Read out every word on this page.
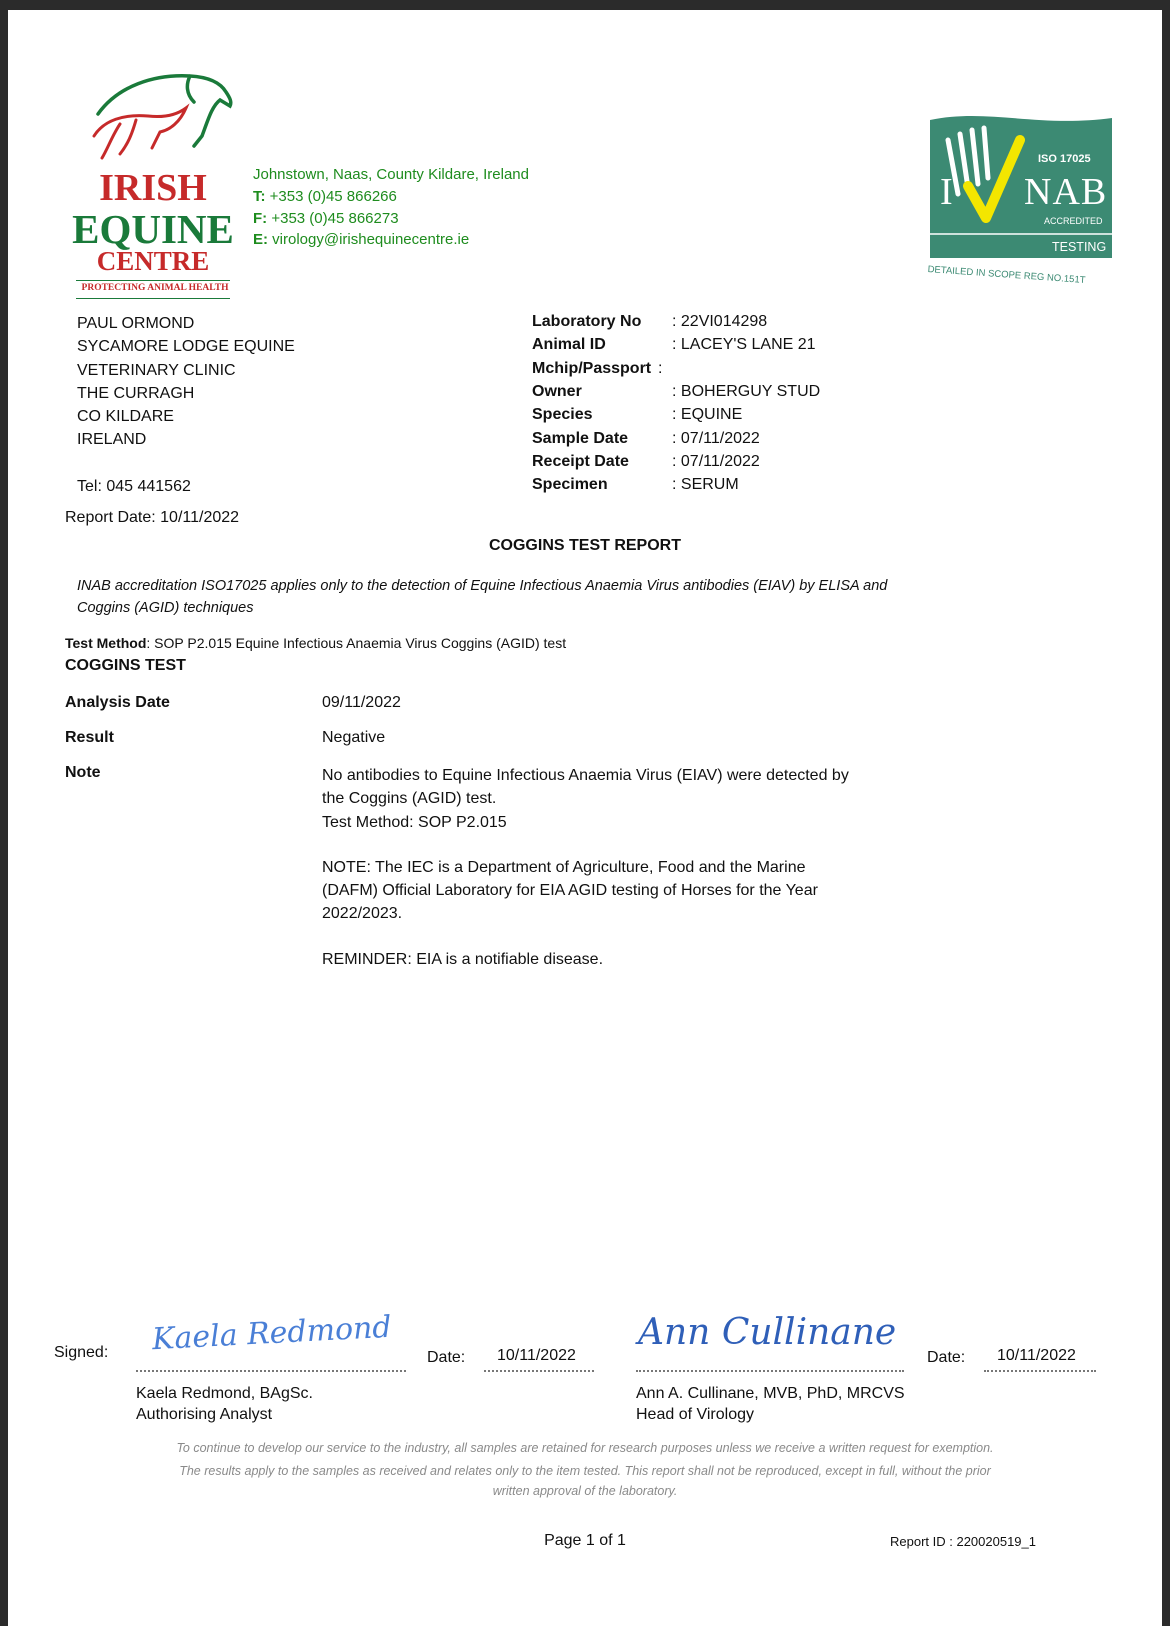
IRISH
EQUINE
CENTRE
PROTECTING ANIMAL HEALTH
Johnstown, Naas, County Kildare, Ireland
T: +353 (0)45 866266
F: +353 (0)45 866273
E: virology@irishequinecentre.ie
ISO 17025
I NAB
ACCREDITED
TESTING
DETAILED IN SCOPE REG NO.151T
PAUL ORMOND
SYCAMORE LODGE EQUINE
VETERINARY CLINIC
THE CURRAGH
CO KILDARE
IRELAND
Tel: 045 441562
Report Date: 10/11/2022
Laboratory No : 22VI014298
Animal ID	: LACEY'S LANE 21
Mchip/Passport :
Owner	: BOHERGUY STUD
Species	: EQUINE
Sample Date	: 07/11/2022
Receipt Date	: 07/11/2022
Specimen	: SERUM
COGGINS TEST REPORT
INAB accreditation ISO17025 applies only to the detection of Equine Infectious Anaemia Virus antibodies (EIAV) by ELISA and
Coggins (AGID) techniques
Test Method: SOP P2.015 Equine Infectious Anaemia Virus Coggins (AGID) test
COGGINS TEST
Analysis Date	09/11/2022
Result	Negative
Note	No antibodies to Equine Infectious Anaemia Virus (EIAV) were detected by
the Coggins (AGID) test.
Test Method: SOP P2.015
NOTE: The IEC is a Department of Agriculture, Food and the Marine
(DAFM) Official Laboratory for EIA AGID testing of Horses for the Year
2022/2023.
REMINDER: EIA is a notifiable disease.
Signed: Kaela Redmond
Date: 10/11/2022
Kaela Redmond, BAgSc.
Authorising Analyst
Ann Cullinane
Date: 10/11/2022
Ann A. Cullinane, MVB, PhD, MRCVS
Head of Virology
To continue to develop our service to the industry, all samples are retained for research purposes unless we receive a written request for exemption.
The results apply to the samples as received and relates only to the item tested. This report shall not be reproduced, except in full, without the prior
written approval of the laboratory.
Page 1 of 1	Report ID : 220020519_1
